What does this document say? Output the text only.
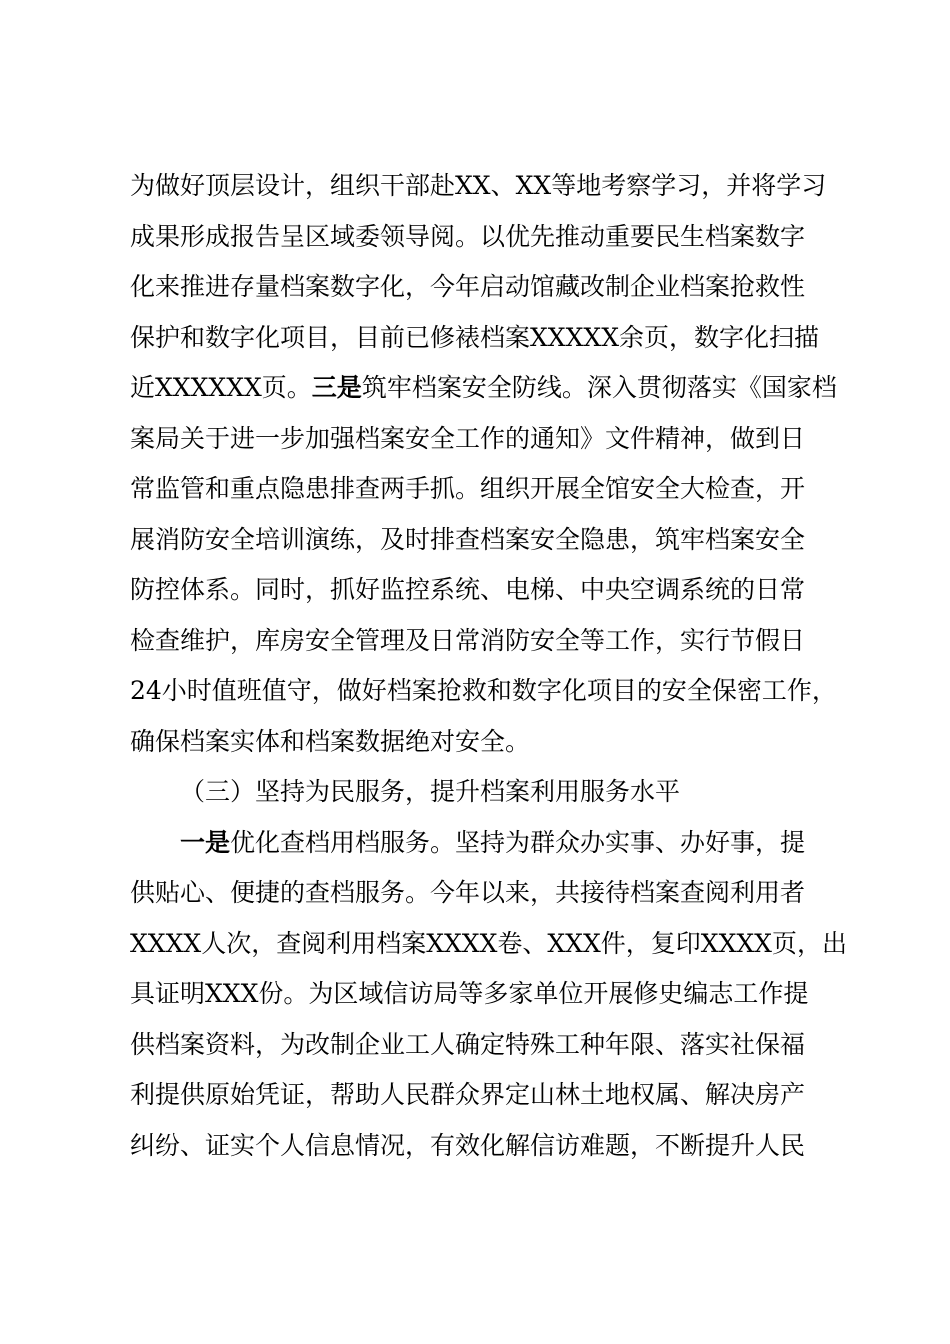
为做好顶层设计，组织干部赴XX、XX等地考察学习，并将学习
成果形成报告呈区域委领导阅。以优先推动重要民生档案数字
化来推进存量档案数字化，今年启动馆藏改制企业档案抢救性
保护和数字化项目，目前已修裱档案XXXXX余页，数字化扫描
近XXXXXX页。三是筑牢档案安全防线。深入贯彻落实《国家档
案局关于进一步加强档案安全工作的通知》文件精神，做到日
常监管和重点隐患排查两手抓。组织开展全馆安全大检查，开
展消防安全培训演练，及时排查档案安全隐患，筑牢档案安全
防控体系。同时，抓好监控系统、电梯、中央空调系统的日常
检查维护，库房安全管理及日常消防安全等工作，实行节假日
24小时值班值守，做好档案抢救和数字化项目的安全保密工作，
确保档案实体和档案数据绝对安全。
（三）坚持为民服务，提升档案利用服务水平
一是优化查档用档服务。坚持为群众办实事、办好事，提
供贴心、便捷的查档服务。今年以来，共接待档案查阅利用者
XXXX人次，查阅利用档案XXXX卷、XXX件，复印XXXX页，出
具证明XXX份。为区域信访局等多家单位开展修史编志工作提
供档案资料，为改制企业工人确定特殊工种年限、落实社保福
利提供原始凭证，帮助人民群众界定山林土地权属、解决房产
纠纷、证实个人信息情况，有效化解信访难题，不断提升人民
